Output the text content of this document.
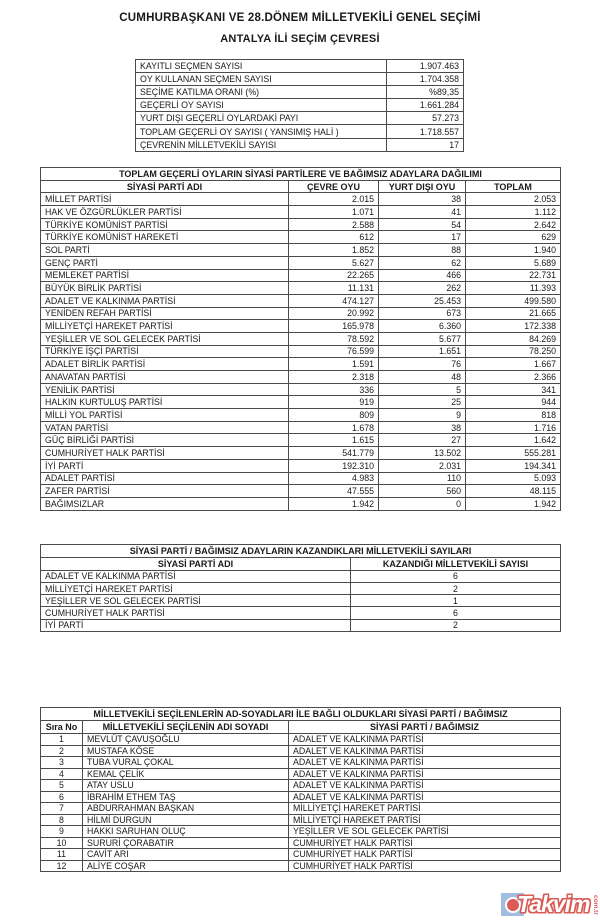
CUMHURBAŞKANI VE 28.DÖNEM MİLLETVEKİLİ GENEL SEÇİMİ
ANTALYA İLİ SEÇİM ÇEVRESİ
KAYITLI SEÇMEN SAYISI	1.907.463
OY KULLANAN SEÇMEN SAYISI	1.704.358
SEÇİME KATILMA ORANI (%)	%89,35
GEÇERLİ OY SAYISI	1.661.284
YURT DIŞI GEÇERLİ OYLARDAKİ PAYI	57.273
TOPLAM GEÇERLİ OY SAYISI ( YANSIMIŞ HALİ )	1.718.557
ÇEVRENİN MİLLETVEKİLİ SAYISI	17
TOPLAM GEÇERLİ OYLARIN SİYASİ PARTİLERE VE BAĞIMSIZ ADAYLARA DAĞILIMI			
SİYASİ PARTİ ADI	ÇEVRE OYU	YURT DIŞI OYU	TOPLAM
MİLLET PARTİSİ	2.015	38	2.053
HAK VE ÖZGÜRLÜKLER PARTİSİ	1.071	41	1.112
TÜRKİYE KOMÜNİST PARTİSİ	2.588	54	2.642
TÜRKİYE KOMÜNİST HAREKETİ	612	17	629
SOL PARTİ	1.852	88	1.940
GENÇ PARTİ	5.627	62	5.689
MEMLEKET PARTİSİ	22.265	466	22.731
BÜYÜK BİRLİK PARTİSİ	11.131	262	11.393
ADALET VE KALKINMA PARTİSİ	474.127	25.453	499.580
YENİDEN REFAH PARTİSİ	20.992	673	21.665
MİLLİYETÇİ HAREKET PARTİSİ	165.978	6.360	172.338
YEŞİLLER VE SOL GELECEK PARTİSİ	78.592	5.677	84.269
TÜRKİYE İŞÇİ PARTİSİ	76.599	1.651	78.250
ADALET BİRLİK PARTİSİ	1.591	76	1.667
ANAVATAN PARTİSİ	2.318	48	2.366
YENİLİK PARTİSİ	336	5	341
HALKIN KURTULUŞ PARTİSİ	919	25	944
MİLLİ YOL PARTİSİ	809	9	818
VATAN PARTİSİ	1.678	38	1.716
GÜÇ BİRLİĞİ PARTİSİ	1.615	27	1.642
CUMHURİYET HALK PARTİSİ	541.779	13.502	555.281
İYİ PARTİ	192.310	2.031	194.341
ADALET PARTİSİ	4.983	110	5.093
ZAFER PARTİSİ	47.555	560	48.115
BAĞIMSIZLAR	1.942	0	1.942
SİYASİ PARTİ / BAĞIMSIZ ADAYLARIN KAZANDIKLARI MİLLETVEKİLİ SAYILARI	
SİYASİ PARTİ ADI	KAZANDIĞI MİLLETVEKİLİ SAYISI
ADALET VE KALKINMA PARTİSİ	6
MİLLİYETÇİ HAREKET PARTİSİ	2
YEŞİLLER VE SOL GELECEK PARTİSİ	1
CUMHURİYET HALK PARTİSİ	6
İYİ PARTİ	2
MİLLETVEKİLİ SEÇİLENLERİN AD-SOYADLARI İLE BAĞLI OLDUKLARI SİYASİ PARTİ / BAĞIMSIZ		
Sıra No	MİLLETVEKİLİ SEÇİLENİN ADI SOYADI	SİYASİ PARTİ / BAĞIMSIZ
1	MEVLÜT ÇAVUŞOĞLU	ADALET VE KALKINMA PARTİSİ
2	MUSTAFA KÖSE	ADALET VE KALKINMA PARTİSİ
3	TUBA VURAL ÇOKAL	ADALET VE KALKINMA PARTİSİ
4	KEMAL ÇELİK	ADALET VE KALKINMA PARTİSİ
5	ATAY USLU	ADALET VE KALKINMA PARTİSİ
6	İBRAHİM ETHEM TAŞ	ADALET VE KALKINMA PARTİSİ
7	ABDURRAHMAN BAŞKAN	MİLLİYETÇİ HAREKET PARTİSİ
8	HİLMİ DURGUN	MİLLİYETÇİ HAREKET PARTİSİ
9	HAKKI SARUHAN OLUÇ	YEŞİLLER VE SOL GELECEK PARTİSİ
10	SURURİ ÇORABATIR	CUMHURİYET HALK PARTİSİ
11	CAVİT ARI	CUMHURİYET HALK PARTİSİ
12	ALİYE COŞAR	CUMHURİYET HALK PARTİSİ
Takvim com.tr
